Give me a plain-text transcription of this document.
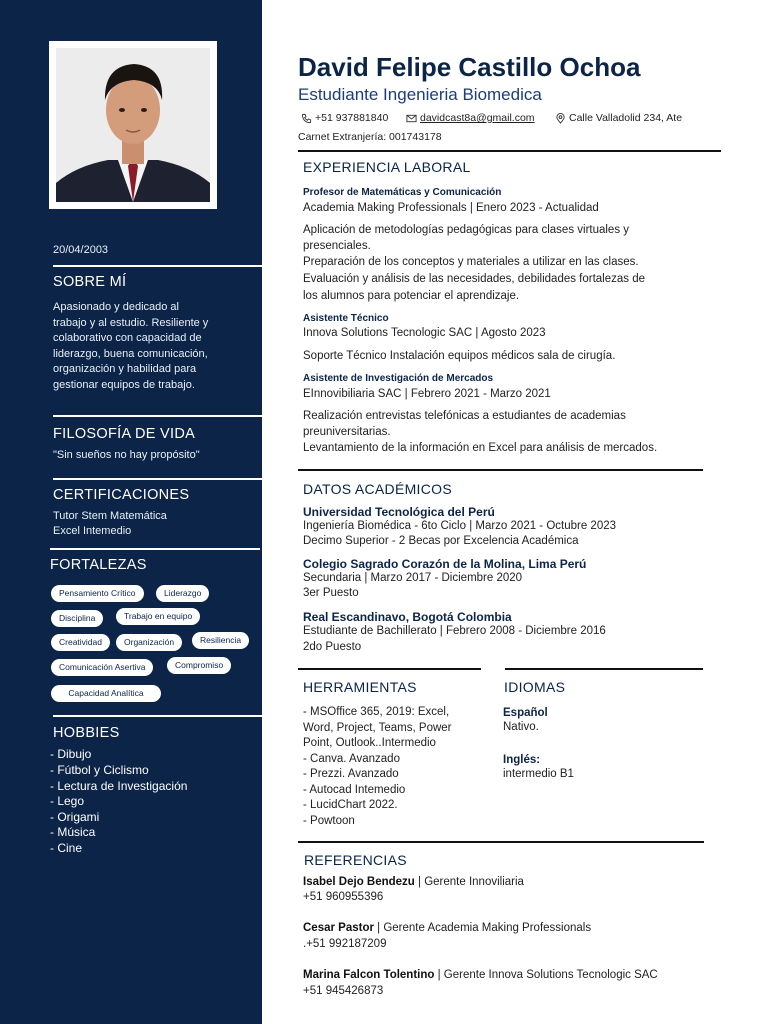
20/04/2003
SOBRE MÍ
Apasionado y dedicado al
trabajo y al estudio. Resiliente y
colaborativo con capacidad de
liderazgo, buena comunicación,
organización y habilidad para
gestionar equipos de trabajo.
FILOSOFÍA DE VIDA
"Sin sueños no hay propósito"
CERTIFICACIONES
Tutor Stem Matemática
Excel Intemedio
FORTALEZAS
Pensamiento Crítico	Liderazgo
Disciplina	Trabajo en equipo
Creatividad	Organización	Resiliencia
Comunicación Asertiva	Compromiso
Capacidad Analítica
HOBBIES
- Dibujo
- Fútbol y Ciclismo
- Lectura de Investigación
- Lego
- Origami
- Música
- Cine
David Felipe Castillo Ochoa
Estudiante Ingenieria Biomedica
+51 937881840	davidcast8a@gmail.com	Calle Valladolid 234, Ate
Carnet Extranjería: 001743178
EXPERIENCIA LABORAL
Profesor de Matemáticas y Comunicación
Academia Making Professionals | Enero 2023 - Actualidad
Aplicación de metodologías pedagógicas para clases virtuales y
presenciales.
Preparación de los conceptos y materiales a utilizar en las clases.
Evaluación y análisis de las necesidades, debilidades fortalezas de
los alumnos para potenciar el aprendizaje.
Asistente Técnico
Innova Solutions Tecnologic SAC | Agosto 2023
Soporte Técnico Instalación equipos médicos sala de cirugía.
Asistente de Investigación de Mercados
EInnovibiliaria SAC | Febrero 2021 - Marzo 2021
Realización entrevistas telefónicas a estudiantes de academias
preuniversitarias.
Levantamiento de la información en Excel para análisis de mercados.
DATOS ACADÉMICOS
Universidad Tecnológica del Perú
Ingeniería Biomédica - 6to Ciclo | Marzo 2021 - Octubre 2023
Decimo Superior - 2 Becas por Excelencia Académica
Colegio Sagrado Corazón de la Molina, Lima Perú
Secundaria | Marzo 2017 - Diciembre 2020
3er Puesto
Real Escandinavo, Bogotá Colombia
Estudiante de Bachillerato | Febrero 2008 - Diciembre 2016
2do Puesto
HERRAMIENTAS
- MSOffice 365, 2019: Excel,
Word, Project, Teams, Power
Point, Outlook..Intermedio
- Canva. Avanzado
- Prezzi. Avanzado
- Autocad Intemedio
- LucidChart 2022.
- Powtoon
IDIOMAS
Español
Nativo.
Inglés:
intermedio B1
REFERENCIAS
Isabel Dejo Bendezu | Gerente Innoviliaria
+51 960955396
Cesar Pastor | Gerente Academia Making Professionals
.+51 992187209
Marina Falcon Tolentino | Gerente Innova Solutions Tecnologic SAC
+51 945426873
